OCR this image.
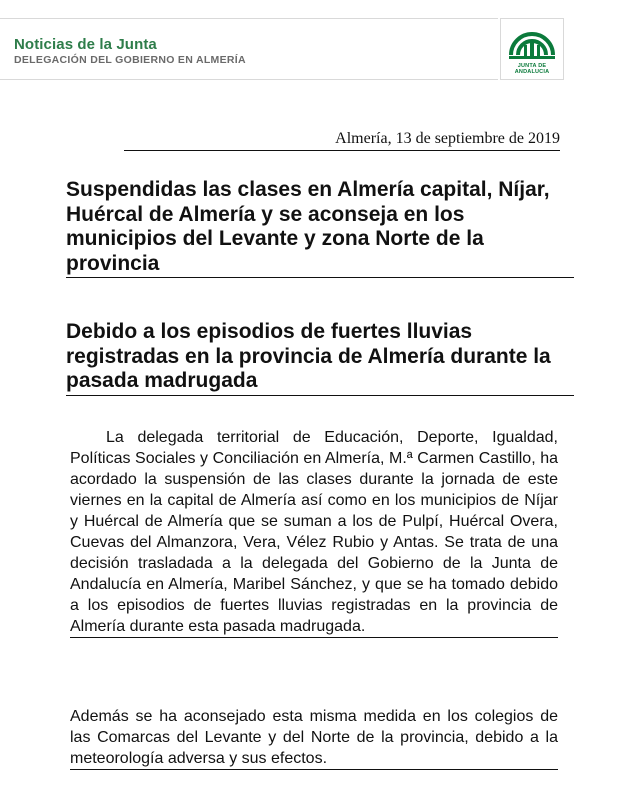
Noticias de la Junta
DELEGACIÓN DEL GOBIERNO EN ALMERÍA	JUNTA DE ANDALUCIA
Almería, 13 de septiembre de 2019
Suspendidas las clases en Almería capital, Níjar, Huércal de Almería y se aconseja en los municipios del Levante y zona Norte de la provincia
Debido a los episodios de fuertes lluvias registradas en la provincia de Almería durante la pasada madrugada

La delegada territorial de Educación, Deporte, Igualdad, Políticas Sociales y Conciliación en Almería, M.ª Carmen Castillo, ha acordado la suspensión de las clases durante la jornada de este viernes en la capital de Almería así como en los municipios de Níjar y Huércal de Almería que se suman a los de Pulpí, Huércal Overa, Cuevas del Almanzora, Vera, Vélez Rubio y Antas. Se trata de una decisión trasladada a la delegada del Gobierno de la Junta de Andalucía en Almería, Maribel Sánchez, y que se ha tomado debido a los episodios de fuertes lluvias registradas en la provincia de Almería durante esta pasada madrugada.

Además se ha aconsejado esta misma medida en los colegios de las Comarcas del Levante y del Norte de la provincia, debido a la meteorología adversa y sus efectos.
